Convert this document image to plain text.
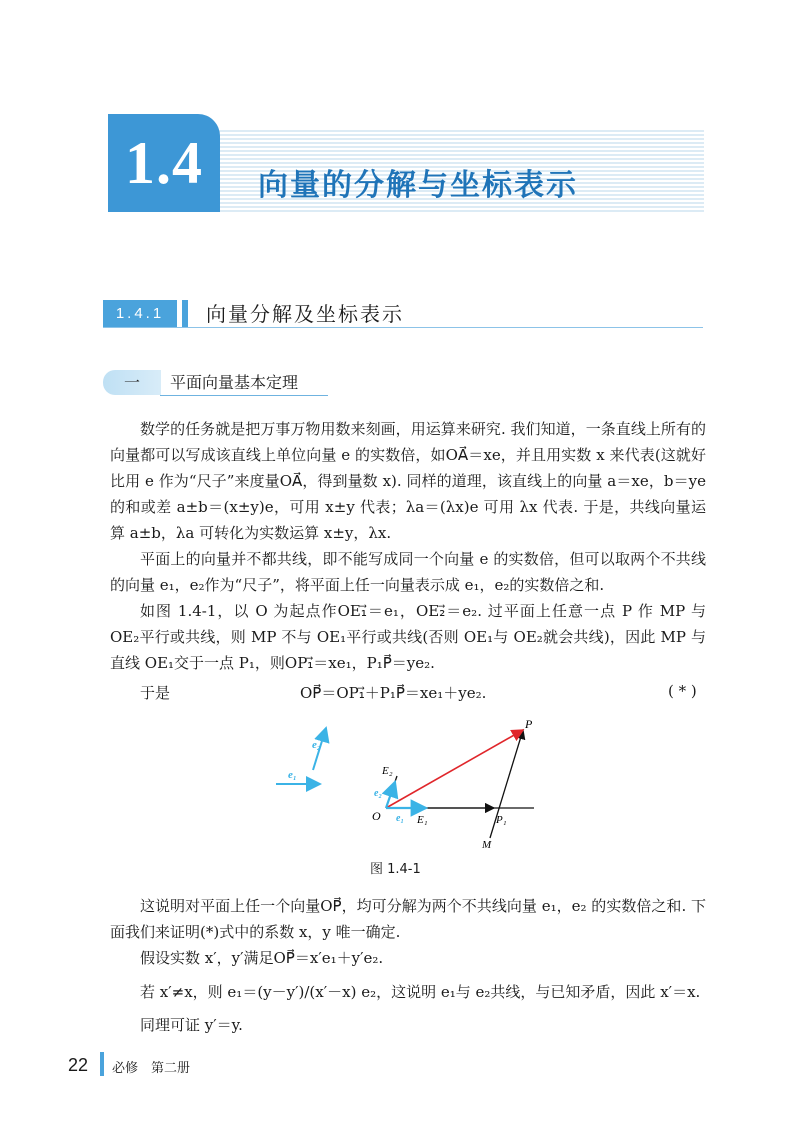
1.4	向量的分解与坐标表示
1.4.1	向量分解及坐标表示
一	平面向量基本定理
数学的任务就是把万事万物用数来刻画，用运算来研究. 我们知道，一条直线上所有的向量都可以写成该直线上单位向量 e 的实数倍，如OA⃗＝xe，并且用实数 x 来代表(这就好比用 e 作为“尺子”来度量OA⃗，得到量数 x). 同样的道理，该直线上的向量 a＝xe，b＝ye 的和或差 a±b＝(x±y)e，可用 x±y 代表；λa＝(λx)e 可用 λx 代表. 于是，共线向量运算 a±b，λa 可转化为实数运算 x±y，λx.
平面上的向量并不都共线，即不能写成同一个向量 e 的实数倍，但可以取两个不共线的向量 e₁，e₂作为“尺子”，将平面上任一向量表示成 e₁，e₂的实数倍之和.
如图 1.4-1，以 O 为起点作OE₁⃗＝e₁，OE₂⃗＝e₂. 过平面上任意一点 P 作 MP 与 OE₂平行或共线，则 MP 不与 OE₁平行或共线(否则 OE₁与 OE₂就会共线)，因此 MP 与直线 OE₁交于一点 P₁，则OP₁⃗＝xe₁，P₁P⃗＝ye₂.
于是	OP⃗＝OP₁⃗＋P₁P⃗＝xe₁＋ye₂.	( * )
e₂
e₁
O
P
P₁
M
E₁
E₂
e₁
e₂
图 1.4-1
这说明对平面上任一个向量OP⃗，均可分解为两个不共线向量 e₁，e₂ 的实数倍之和. 下面我们来证明(*)式中的系数 x，y 唯一确定.
假设实数 x′，y′满足OP⃗＝x′e₁＋y′e₂.
若 x′≠x，则 e₁＝(y－y′)/(x′－x) e₂，这说明 e₁与 e₂共线，与已知矛盾，因此 x′＝x.
同理可证 y′＝y.
22 必修　第二册
